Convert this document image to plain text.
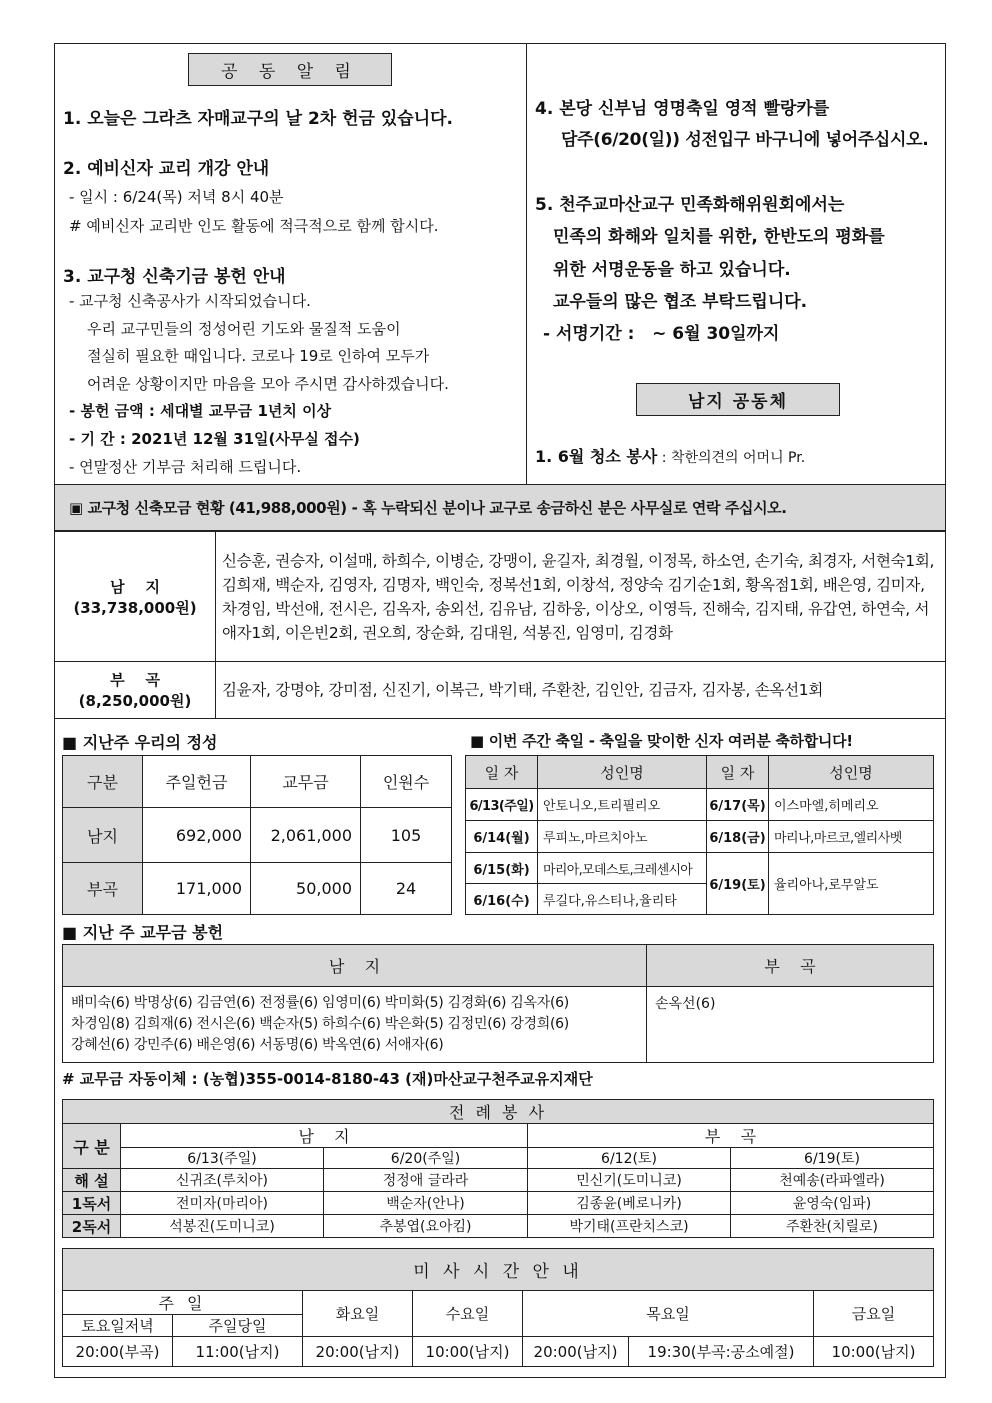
공 동 알 림
1. 오늘은 그라츠 자매교구의 날 2차 헌금 있습니다.
2. 예비신자 교리 개강 안내
- 일시 : 6/24(목) 저녁 8시 40분
# 예비신자 교리반 인도 활동에 적극적으로 함께 합시다.
3. 교구청 신축기금 봉헌 안내
- 교구청 신축공사가 시작되었습니다.
우리 교구민들의 정성어린 기도와 물질적 도움이
절실히 필요한 때입니다. 코로나 19로 인하여 모두가
어려운 상황이지만 마음을 모아 주시면 감사하겠습니다.
- 봉헌 금액 : 세대별 교무금 1년치 이상
- 기 간 : 2021년 12월 31일(사무실 접수)
- 연말정산 기부금 처리해 드립니다.
4. 본당 신부님 영명축일 영적 빨랑카를
담주(6/20(일)) 성전입구 바구니에 넣어주십시오.
5. 천주교마산교구 민족화해위원회에서는
민족의 화해와 일치를 위한, 한반도의 평화를
위한 서명운동을 하고 있습니다.
교우들의 많은 협조 부탁드립니다.
- 서명기간 :   ~ 6월 30일까지
남지 공동체
1. 6월 청소 봉사 : 착한의견의 어머니 Pr.
▣ 교구청 신축모금 현황 (41,988,000원) - 혹 누락되신 분이나 교구로 송금하신 분은 사무실로 연락 주십시오.
남    지
(33,738,000원)	신승훈, 권승자, 이설매, 하희수, 이병순, 강맹이, 윤길자, 최경월, 이정목, 하소연, 손기숙, 최경자, 서현숙1회, 김희재, 백순자, 김영자, 김명자, 백인숙, 정복선1회, 이창석, 정양숙 김기순1회, 황옥점1회, 배은영, 김미자, 차경임, 박선애, 전시은, 김옥자, 송외선, 김유남, 김하웅, 이상오, 이영득, 진해숙, 김지태, 유갑연, 하연숙, 서애자1회, 이은빈2회, 권오희, 장순화, 김대원, 석봉진, 임영미, 김경화

부    곡
(8,250,000원)	김윤자, 강명야, 강미점, 신진기, 이복근, 박기태, 주환찬, 김인안, 김금자, 김자봉, 손옥선1회
■ 지난주 우리의 정성
구분	주일헌금	교무금	인원수
남지	692,000	2,061,000	105
부곡	171,000	50,000	24
■ 이번 주간 축일 - 축일을 맞이한 신자 여러분 축하합니다!
일 자	성인명	일 자	성인명
6/13(주일)	안토니오,트리필리오	6/17(목)	이스마엘,히메리오
6/14(월)	루피노,마르치아노	6/18(금)	마리나,마르코,엘리사벳
6/15(화)	마리아,모데스토,크레센시아	6/19(토)	율리아나,로무알도
6/16(수)	루길다,유스티나,율리타		
■ 지난 주 교무금 봉헌
남    지	부    곡

배미숙(6) 박명상(6) 김금연(6) 전정률(6) 임영미(6) 박미화(5) 김경화(6) 김옥자(6)
차경임(8) 김희재(6) 전시은(6) 백순자(5) 하희수(6) 박은화(5) 김정민(6) 강경희(6)
강혜선(6) 강민주(6) 배은영(6) 서동명(6) 박옥연(6) 서애자(6)	손옥선(6)
# 교무금 자동이체 : (농협)355-0014-8180-43 (재)마산교구천주교유지재단
전 례 봉 사				
구 분	남    지		부    곡	
	6/13(주일)	6/20(주일)	6/12(토)	6/19(토)
해 설	신귀조(루치아)	정정애 글라라	민신기(도미니코)	천예송(라파엘라)
1독서	전미자(마리아)	백순자(안나)	김종윤(베로니카)	윤영숙(임파)
2독서	석봉진(도미니코)	추봉엽(요아킴)	박기태(프란치스코)	주환찬(치릴로)
미 사 시 간 안 내						
주 일		화요일	수요일	목요일		금요일
토요일저녁	주일당일					
20:00(부곡)	11:00(남지)	20:00(남지)	10:00(남지)	20:00(남지)	19:30(부곡:공소예절)	10:00(남지)
